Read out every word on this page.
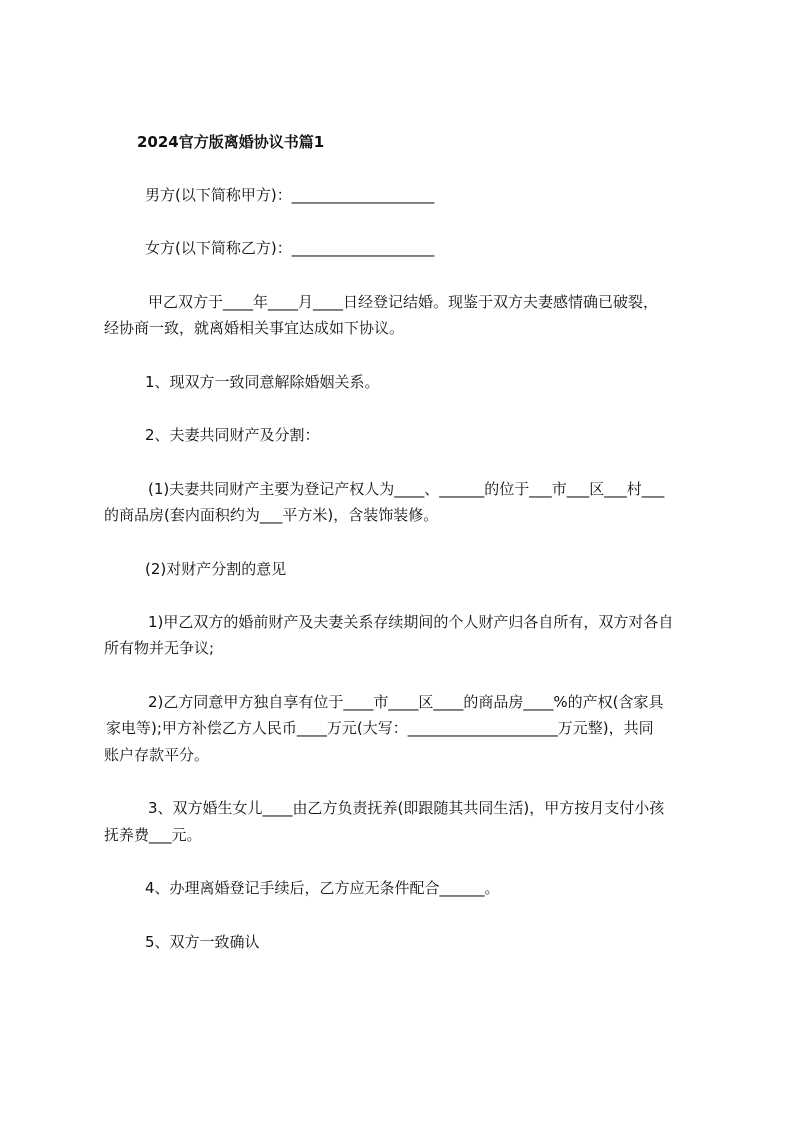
2024官方版离婚协议书篇1
男方(以下简称甲方)：___________________
女方(以下简称乙方)：___________________
甲乙双方于____年____月____日经登记结婚。现鉴于双方夫妻感情确已破裂，
经协商一致，就离婚相关事宜达成如下协议。
1、现双方一致同意解除婚姻关系。
2、夫妻共同财产及分割：
(1)夫妻共同财产主要为登记产权人为____、______的位于___市___区___村___
的商品房(套内面积约为___平方米)，含装饰装修。
(2)对财产分割的意见
1)甲乙双方的婚前财产及夫妻关系存续期间的个人财产归各自所有，双方对各自
所有物并无争议;
2)乙方同意甲方独自享有位于____市____区____的商品房____%的产权(含家具
家电等);甲方补偿乙方人民币____万元(大写：____________________万元整)，共同
账户存款平分。
3、双方婚生女儿____由乙方负责抚养(即跟随其共同生活)，甲方按月支付小孩
抚养费___元。
4、办理离婚登记手续后，乙方应无条件配合______。
5、双方一致确认
